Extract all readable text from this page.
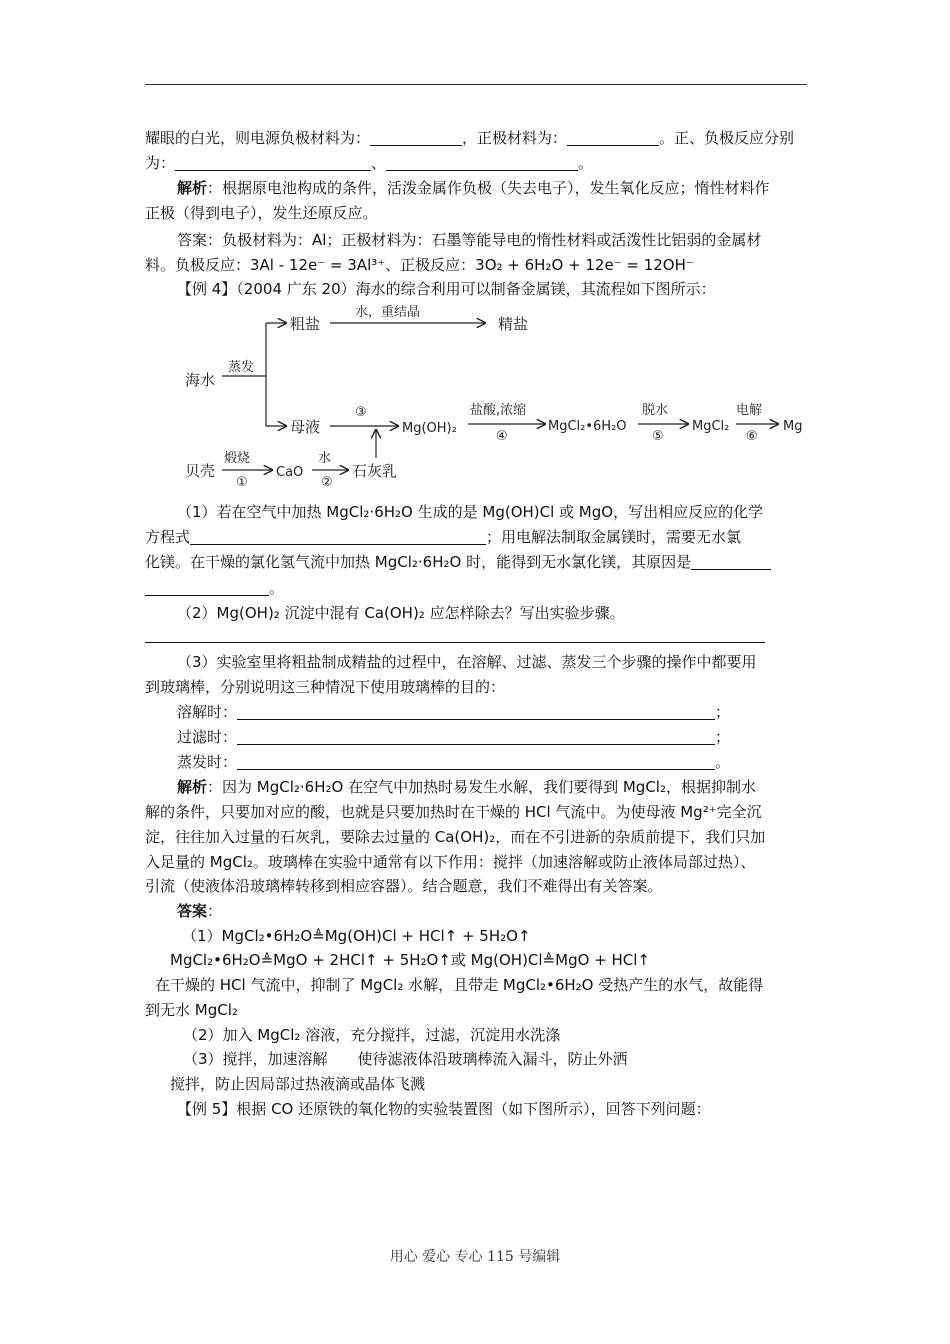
耀眼的白光，则电源负极材料为：	，正极材料为：	。正、负极反应分别
为：	、	。
解析：根据原电池构成的条件，活泼金属作负极（失去电子），发生氧化反应；惰性材料作
正极（得到电子），发生还原反应。
答案：负极材料为：Al；正极材料为：石墨等能导电的惰性材料或活泼性比铝弱的金属材
料。负极反应：3Al - 12e⁻ = 3Al³⁺、正极反应：3O₂ + 6H₂O + 12e⁻ = 12OH⁻
【例 4】（2004 广东 20）海水的综合利用可以制备金属镁，其流程如下图所示：
海水
蒸发
粗盐
水，重结晶
精盐
母液
③
Mg(OH)₂
盐酸,浓缩
④
MgCl₂•6H₂O
脱水
⑤
MgCl₂
电解
⑥
Mg
贝壳
煅烧
①
CaO
水
②
石灰乳
（1）若在空气中加热 MgCl₂·6H₂O 生成的是 Mg(OH)Cl 或 MgO，写出相应反应的化学
方程式	；用电解法制取金属镁时，需要无水氯
化镁。在干燥的氯化氢气流中加热 MgCl₂·6H₂O 时，能得到无水氯化镁，其原因是
。
（2）Mg(OH)₂ 沉淀中混有 Ca(OH)₂ 应怎样除去？写出实验步骤。
（3）实验室里将粗盐制成精盐的过程中，在溶解、过滤、蒸发三个步骤的操作中都要用
到玻璃棒，分别说明这三种情况下使用玻璃棒的目的：
溶解时：	；
过滤时：	；
蒸发时：	。
解析：因为 MgCl₂·6H₂O 在空气中加热时易发生水解，我们要得到 MgCl₂，根据抑制水
解的条件，只要加对应的酸，也就是只要加热时在干燥的 HCl 气流中。为使母液 Mg²⁺完全沉
淀，往往加入过量的石灰乳，要除去过量的 Ca(OH)₂，而在不引进新的杂质前提下，我们只加
入足量的 MgCl₂。玻璃棒在实验中通常有以下作用：搅拌（加速溶解或防止液体局部过热）、
引流（使液体沿玻璃棒转移到相应容器）。结合题意，我们不难得出有关答案。
答案：
（1）MgCl₂•6H₂O≜Mg(OH)Cl + HCl↑ + 5H₂O↑
MgCl₂•6H₂O≜MgO + 2HCl↑ + 5H₂O↑或 Mg(OH)Cl≜MgO + HCl↑
在干燥的 HCl 气流中，抑制了 MgCl₂ 水解，且带走 MgCl₂•6H₂O 受热产生的水气，故能得
到无水 MgCl₂
（2）加入 MgCl₂ 溶液，充分搅拌，过滤，沉淀用水洗涤
（3）搅拌，加速溶解　　使待滤液体沿玻璃棒流入漏斗，防止外洒
搅拌，防止因局部过热液滴或晶体飞溅
【例 5】根据 CO 还原铁的氧化物的实验装置图（如下图所示），回答下列问题：
用心 爱心 专心 115 号编辑
